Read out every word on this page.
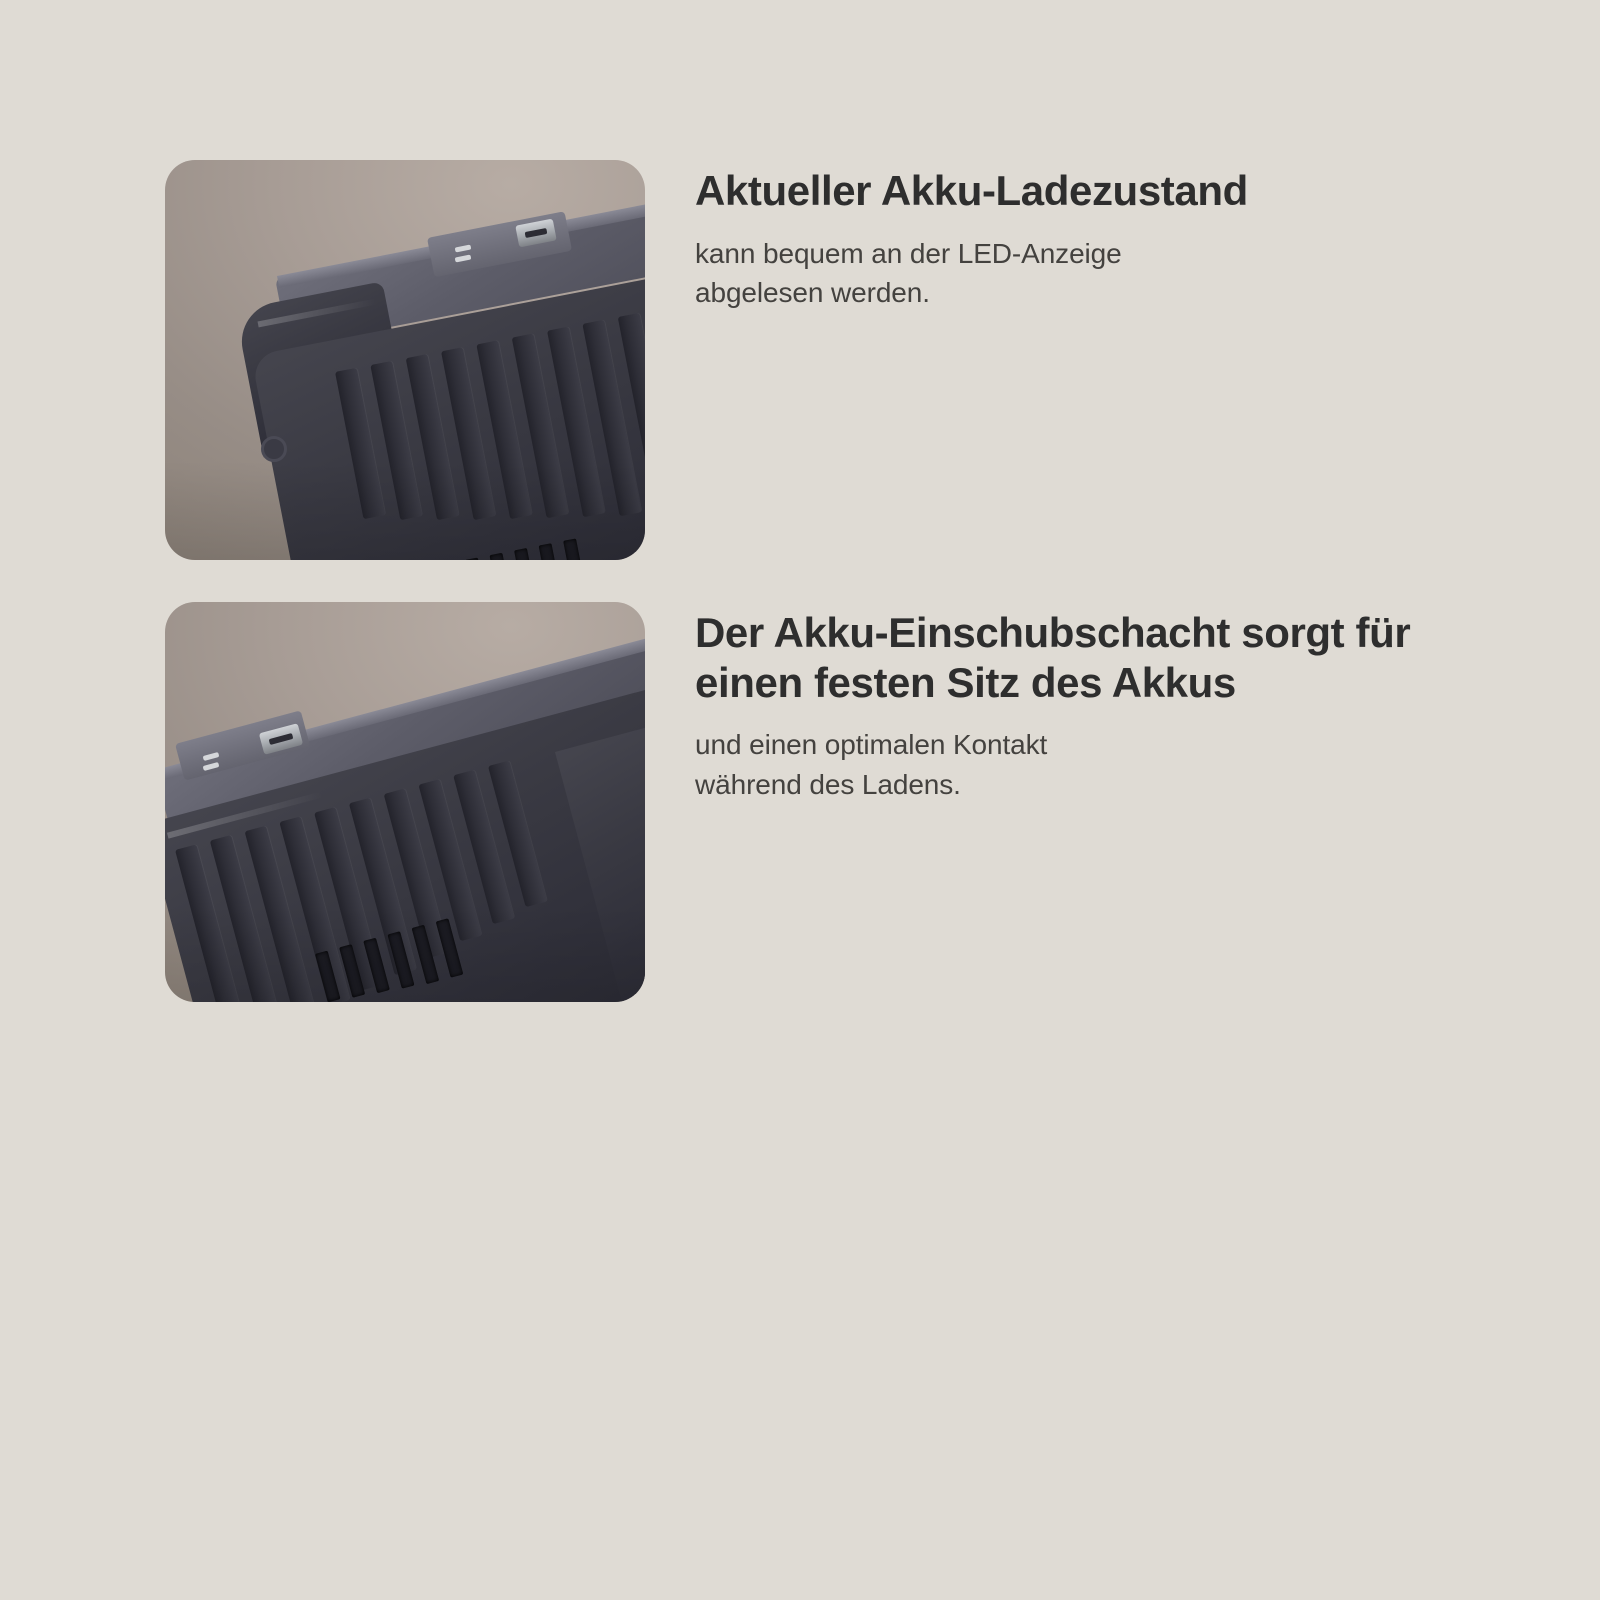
Aktueller Akku-Ladezustand
kann bequem an der LED-Anzeige
abgelesen werden.
Der Akku-Einschubschacht sorgt für einen festen Sitz des Akkus
und einen optimalen Kontakt
während des Ladens.
